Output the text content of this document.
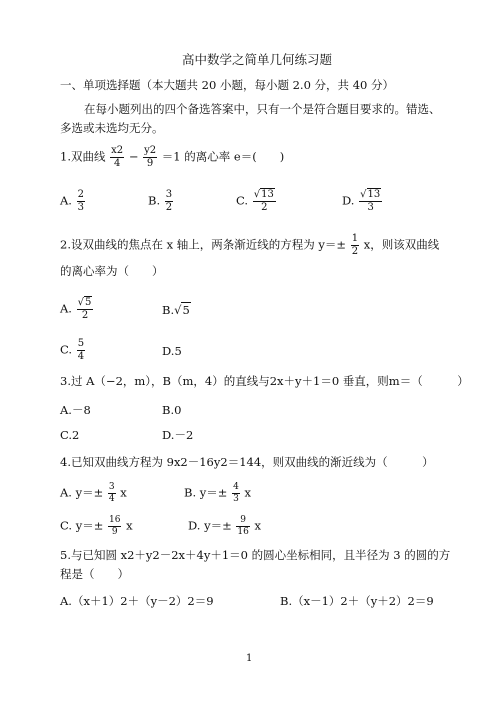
高中数学之简单几何练习题
一、单项选择题（本大题共 20 小题，每小题 2.0 分，共 40 分）
在每小题列出的四个备选答案中，只有一个是符合题目要求的。错选、
多选或未选均无分。
1.双曲线 $\frac{x2}{4} - \frac{y2}{9} =1$ 的离心率 e＝(　　)
A. $\frac{2}{3}$	B. $\frac{3}{2}$	C. $\frac{√13}{2}$	D. $\frac{√13}{3}$
2.设双曲线的焦点在 x 轴上，两条渐近线的方程为 $y=\pm \frac{1}{2}$ x，则该双曲线
的离心率为（　　）
A. $\frac{√5}{2}$	B.√5
C. $\frac{5}{4}$	D.5
3.过 A（−2，m），B（m，4）的直线与2x＋y＋1＝0 垂直，则m＝（　　　）
A.－8	B.0
C.2	D.－2
4.已知双曲线方程为 9x2－16y2＝144，则双曲线的渐近线为（　　　）
A. $y=\pm \frac{3}{4}$ x	B. $y=\pm \frac{4}{3}$ x
C. $y=\pm \frac{16}{9}$ x	D. $y=\pm \frac{9}{16}$ x
5.与已知圆 x2＋y2－2x＋4y＋1＝0 的圆心坐标相同，且半径为 3 的圆的方
程是（　　）
A.（x＋1）2＋（y－2）2＝9	B.（x－1）2＋（y＋2）2＝9
1
